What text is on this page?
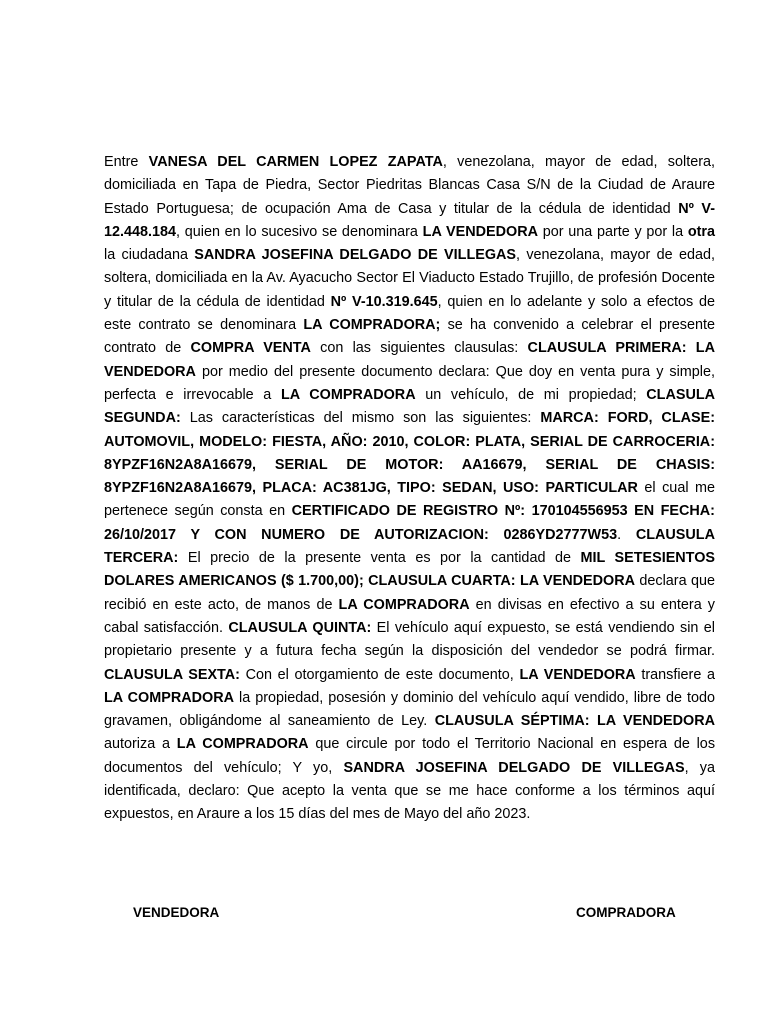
Entre VANESA DEL CARMEN LOPEZ ZAPATA, venezolana, mayor de edad, soltera, domiciliada en Tapa de Piedra, Sector Piedritas Blancas Casa S/N de la Ciudad de Araure Estado Portuguesa; de ocupación Ama de Casa y titular de la cédula de identidad Nº V-12.448.184, quien en lo sucesivo se denominara LA VENDEDORA por una parte y por la otra la ciudadana SANDRA JOSEFINA DELGADO DE VILLEGAS, venezolana, mayor de edad, soltera, domiciliada en la Av. Ayacucho Sector El Viaducto Estado Trujillo, de profesión Docente y titular de la cédula de identidad Nº V-10.319.645, quien en lo adelante y solo a efectos de este contrato se denominara LA COMPRADORA; se ha convenido a celebrar el presente contrato de COMPRA VENTA con las siguientes clausulas: CLAUSULA PRIMERA: LA VENDEDORA por medio del presente documento declara: Que doy en venta pura y simple, perfecta e irrevocable a LA COMPRADORA un vehículo, de mi propiedad; CLASULA SEGUNDA: Las características del mismo son las siguientes: MARCA: FORD, CLASE: AUTOMOVIL, MODELO: FIESTA, AÑO: 2010, COLOR: PLATA, SERIAL DE CARROCERIA: 8YPZF16N2A8A16679, SERIAL DE MOTOR: AA16679, SERIAL DE CHASIS: 8YPZF16N2A8A16679, PLACA: AC381JG, TIPO: SEDAN, USO: PARTICULAR el cual me pertenece según consta en CERTIFICADO DE REGISTRO Nº: 170104556953 EN FECHA: 26/10/2017 Y CON NUMERO DE AUTORIZACION: 0286YD2777W53. CLAUSULA TERCERA: El precio de la presente venta es por la cantidad de MIL SETESIENTOS DOLARES AMERICANOS ($ 1.700,00); CLAUSULA CUARTA: LA VENDEDORA declara que recibió en este acto, de manos de LA COMPRADORA en divisas en efectivo a su entera y cabal satisfacción. CLAUSULA QUINTA: El vehículo aquí expuesto, se está vendiendo sin el propietario presente y a futura fecha según la disposición del vendedor se podrá firmar. CLAUSULA SEXTA: Con el otorgamiento de este documento, LA VENDEDORA transfiere a LA COMPRADORA la propiedad, posesión y dominio del vehículo aquí vendido, libre de todo gravamen, obligándome al saneamiento de Ley. CLAUSULA SÉPTIMA: LA VENDEDORA autoriza a LA COMPRADORA que circule por todo el Territorio Nacional en espera de los documentos del vehículo; Y yo, SANDRA JOSEFINA DELGADO DE VILLEGAS, ya identificada, declaro: Que acepto la venta que se me hace conforme a los términos aquí expuestos, en Araure a los 15 días del mes de Mayo del año 2023.

VENDEDORA	COMPRADORA
